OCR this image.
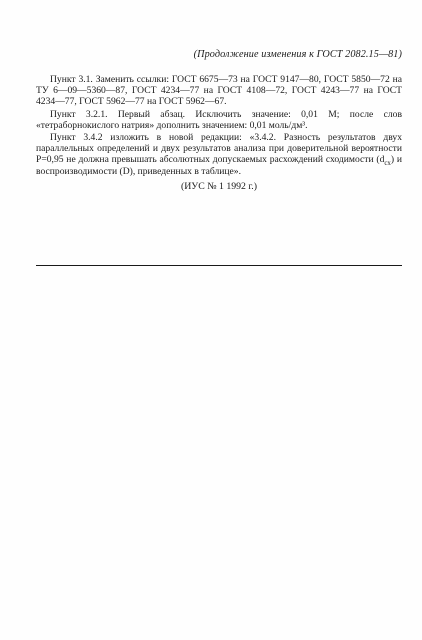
(Продолжение изменения к ГОСТ 2082.15—81)

Пункт 3.1. Заменить ссылки: ГОСТ 6675—73 на ГОСТ 9147—80, ГОСТ 5850—72 на ТУ 6—09—5360—87, ГОСТ 4234—77 на ГОСТ 4108—72, ГОСТ 4243—77 на ГОСТ 4234—77, ГОСТ 5962—77 на ГОСТ 5962—67.

Пункт 3.2.1. Первый абзац. Исключить значение: 0,01 М; после слов «тетраборнокислого натрия» дополнить значением: 0,01 моль/дм³.

Пункт 3.4.2 изложить в новой редакции: «3.4.2. Разность результатов двух параллельных определений и двух результатов анализа при доверительной вероятности Р=0,95 не должна превышать абсолютных допускаемых расхождений сходимости $(d_{сх})$ и воспроизводимости (D), приведенных в таблице».

(ИУС № 1 1992 г.)
